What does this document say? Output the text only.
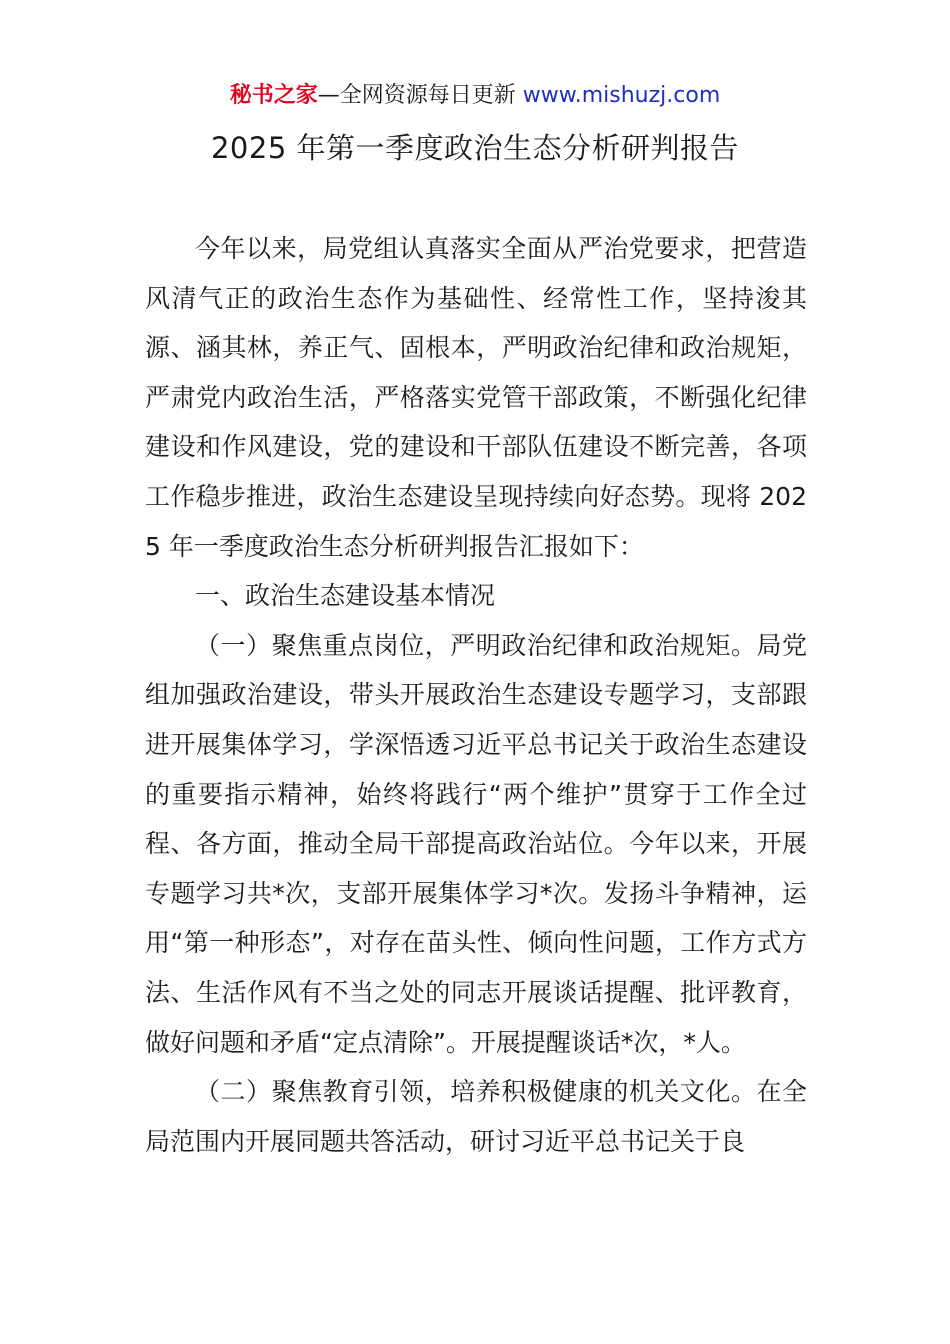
秘书之家—全网资源每日更新 www.mishuzj.com
2025 年第一季度政治生态分析研判报告

今年以来，局党组认真落实全面从严治党要求，把营造风清气正的政治生态作为基础性、经常性工作，坚持浚其源、涵其林，养正气、固根本，严明政治纪律和政治规矩，严肃党内政治生活，严格落实党管干部政策，不断强化纪律建设和作风建设，党的建设和干部队伍建设不断完善，各项工作稳步推进，政治生态建设呈现持续向好态势。现将 2025 年一季度政治生态分析研判报告汇报如下：

一、政治生态建设基本情况

（一）聚焦重点岗位，严明政治纪律和政治规矩。局党组加强政治建设，带头开展政治生态建设专题学习，支部跟进开展集体学习，学深悟透习近平总书记关于政治生态建设的重要指示精神，始终将践行“两个维护”贯穿于工作全过程、各方面，推动全局干部提高政治站位。今年以来，开展专题学习共*次，支部开展集体学习*次。发扬斗争精神，运用“第一种形态”，对存在苗头性、倾向性问题，工作方式方法、生活作风有不当之处的同志开展谈话提醒、批评教育，做好问题和矛盾“定点清除”。开展提醒谈话*次，*人。

（二）聚焦教育引领，培养积极健康的机关文化。在全局范围内开展同题共答活动，研讨习近平总书记关于良
